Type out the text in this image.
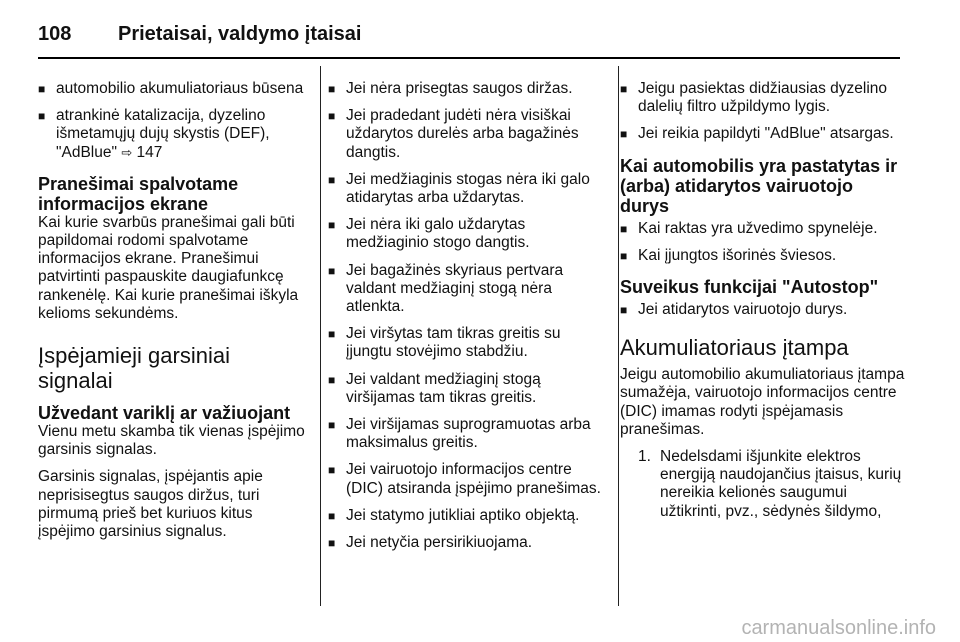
108	Prietaisai, valdymo įtaisai
■ automobilio akumuliatoriaus būsena
■ atrankinė katalizacija, dyzelino išmetamųjų dujų skystis (DEF), "AdBlue" ⇨ 147
Pranešimai spalvotame informacijos ekrane
Kai kurie svarbūs pranešimai gali būti papildomai rodomi spalvotame informacijos ekrane. Pranešimui patvirtinti paspauskite daugiafunkcę rankenėlę. Kai kurie pranešimai iškyla kelioms sekundėms.
Įspėjamieji garsiniai signalai
Užvedant variklį ar važiuojant
Vienu metu skamba tik vienas įspėjimo garsinis signalas.
Garsinis signalas, įspėjantis apie neprisisegtus saugos diržus, turi pirmumą prieš bet kuriuos kitus įspėjimo garsinius signalus.
■ Jei nėra prisegtas saugos diržas.
■ Jei pradedant judėti nėra visiškai uždarytos durelės arba bagažinės dangtis.
■ Jei medžiaginis stogas nėra iki galo atidarytas arba uždarytas.
■ Jei nėra iki galo uždarytas medžiaginio stogo dangtis.
■ Jei bagažinės skyriaus pertvara valdant medžiaginį stogą nėra atlenkta.
■ Jei viršytas tam tikras greitis su įjungtu stovėjimo stabdžiu.
■ Jei valdant medžiaginį stogą viršijamas tam tikras greitis.
■ Jei viršijamas suprogramuotas arba maksimalus greitis.
■ Jei vairuotojo informacijos centre (DIC) atsiranda įspėjimo pranešimas.
■ Jei statymo jutikliai aptiko objektą.
■ Jei netyčia persirikiuojama.
■ Jeigu pasiektas didžiausias dyzelino dalelių filtro užpildymo lygis.
■ Jei reikia papildyti "AdBlue" atsargas.
Kai automobilis yra pastatytas ir (arba) atidarytos vairuotojo durys
■ Kai raktas yra užvedimo spynelėje.
■ Kai įjungtos išorinės šviesos.
Suveikus funkcijai "Autostop"
■ Jei atidarytos vairuotojo durys.
Akumuliatoriaus įtampa
Jeigu automobilio akumuliatoriaus įtampa sumažėja, vairuotojo informacijos centre (DIC) imamas rodyti įspėjamasis pranešimas.
1. Nedelsdami išjunkite elektros energiją naudojančius įtaisus, kurių nereikia kelionės saugumui užtikrinti, pvz., sėdynės šildymo,
carmanualsonline.info
